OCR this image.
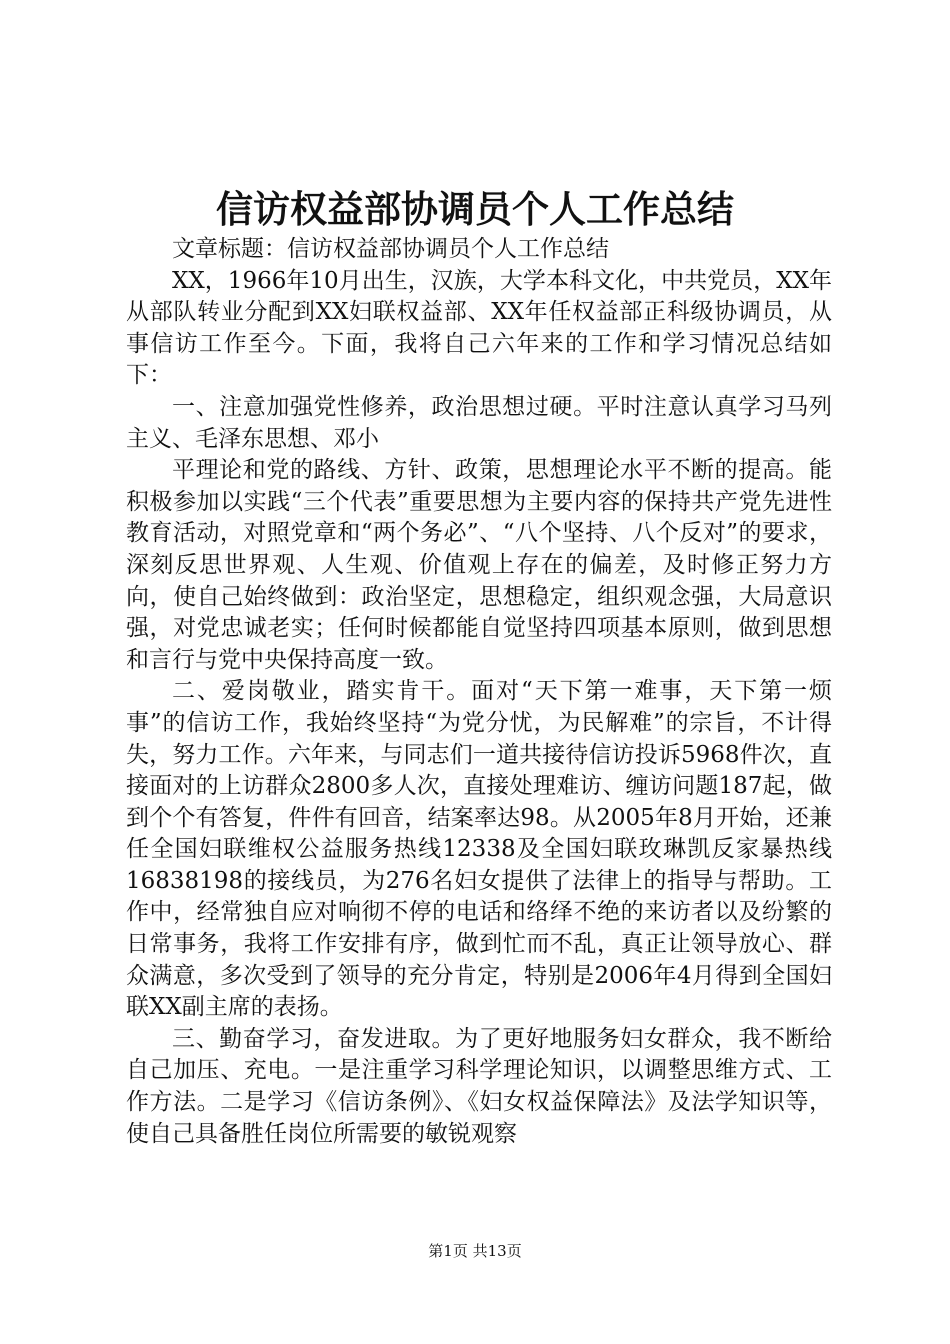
信访权益部协调员个人工作总结

文章标题：信访权益部协调员个人工作总结

XX，1966年10月出生，汉族，大学本科文化，中共党员，XX年从部队转业分配到XX妇联权益部、XX年任权益部正科级协调员，从事信访工作至今。下面，我将自己六年来的工作和学习情况总结如下：

一、注意加强党性修养，政治思想过硬。平时注意认真学习马列主义、毛泽东思想、邓小

平理论和党的路线、方针、政策，思想理论水平不断的提高。能积极参加以实践“三个代表”重要思想为主要内容的保持共产党先进性教育活动，对照党章和“两个务必”、“八个坚持、八个反对”的要求，深刻反思世界观、人生观、价值观上存在的偏差，及时修正努力方向，使自己始终做到：政治坚定，思想稳定，组织观念强，大局意识强，对党忠诚老实；任何时候都能自觉坚持四项基本原则，做到思想和言行与党中央保持高度一致。

二、爱岗敬业，踏实肯干。面对“天下第一难事，天下第一烦事”的信访工作，我始终坚持“为党分忧，为民解难”的宗旨，不计得失，努力工作。六年来，与同志们一道共接待信访投诉5968件次，直接面对的上访群众2800多人次，直接处理难访、缠访问题187起，做到个个有答复，件件有回音，结案率达98。从2005年8月开始，还兼任全国妇联维权公益服务热线12338及全国妇联玫琳凯反家暴热线16838198的接线员，为276名妇女提供了法律上的指导与帮助。工作中，经常独自应对响彻不停的电话和络绎不绝的来访者以及纷繁的日常事务，我将工作安排有序，做到忙而不乱，真正让领导放心、群众满意，多次受到了领导的充分肯定，特别是2006年4月得到全国妇联XX副主席的表扬。

三、勤奋学习，奋发进取。为了更好地服务妇女群众，我不断给自己加压、充电。一是注重学习科学理论知识，以调整思维方式、工作方法。二是学习《信访条例》、《妇女权益保障法》及法学知识等，使自己具备胜任岗位所需要的敏锐观察

第1页 共13页
